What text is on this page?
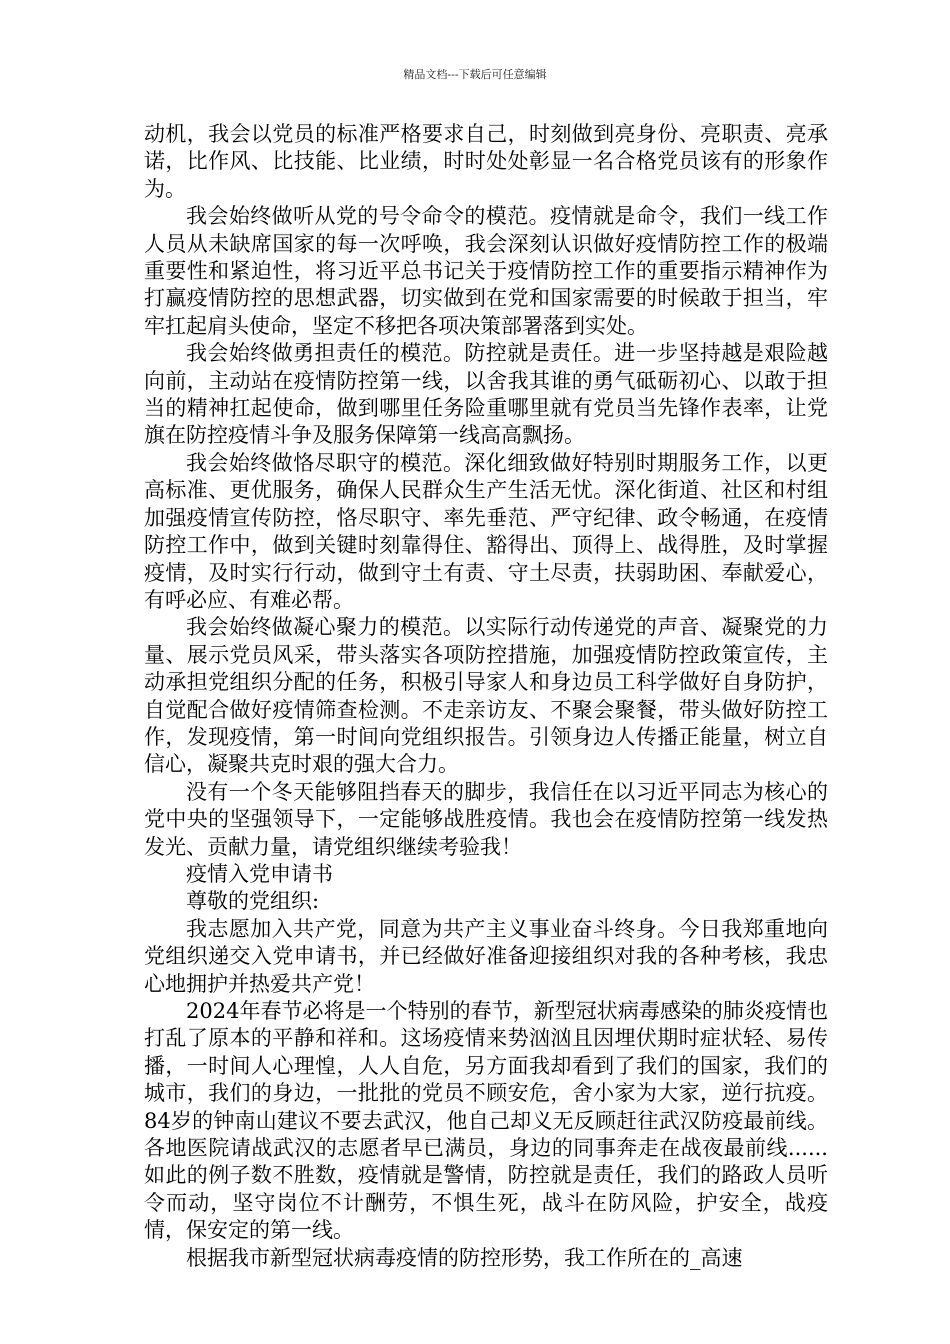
精品文档---下载后可任意编辑

动机，我会以党员的标准严格要求自己，时刻做到亮身份、亮职责、亮承诺，比作风、比技能、比业绩，时时处处彰显一名合格党员该有的形象作为。

我会始终做听从党的号令命令的模范。疫情就是命令，我们一线工作人员从未缺席国家的每一次呼唤，我会深刻认识做好疫情防控工作的极端重要性和紧迫性，将习近平总书记关于疫情防控工作的重要指示精神作为打赢疫情防控的思想武器，切实做到在党和国家需要的时候敢于担当，牢牢扛起肩头使命，坚定不移把各项决策部署落到实处。

我会始终做勇担责任的模范。防控就是责任。进一步坚持越是艰险越向前，主动站在疫情防控第一线，以舍我其谁的勇气砥砺初心、以敢于担当的精神扛起使命，做到哪里任务险重哪里就有党员当先锋作表率，让党旗在防控疫情斗争及服务保障第一线高高飘扬。

我会始终做恪尽职守的模范。深化细致做好特别时期服务工作，以更高标准、更优服务，确保人民群众生产生活无忧。深化街道、社区和村组加强疫情宣传防控，恪尽职守、率先垂范、严守纪律、政令畅通，在疫情防控工作中，做到关键时刻靠得住、豁得出、顶得上、战得胜，及时掌握疫情，及时实行行动，做到守土有责、守土尽责，扶弱助困、奉献爱心，有呼必应、有难必帮。

我会始终做凝心聚力的模范。以实际行动传递党的声音、凝聚党的力量、展示党员风采，带头落实各项防控措施，加强疫情防控政策宣传，主动承担党组织分配的任务，积极引导家人和身边员工科学做好自身防护，自觉配合做好疫情筛查检测。不走亲访友、不聚会聚餐，带头做好防控工作，发现疫情，第一时间向党组织报告。引领身边人传播正能量，树立自信心，凝聚共克时艰的强大合力。

没有一个冬天能够阻挡春天的脚步，我信任在以习近平同志为核心的党中央的坚强领导下，一定能够战胜疫情。我也会在疫情防控第一线发热发光、贡献力量，请党组织继续考验我！

疫情入党申请书

尊敬的党组织:

我志愿加入共产党，同意为共产主义事业奋斗终身。今日我郑重地向党组织递交入党申请书，并已经做好准备迎接组织对我的各种考核，我忠心地拥护并热爱共产党！

2024年春节必将是一个特别的春节，新型冠状病毒感染的肺炎疫情也打乱了原本的平静和祥和。这场疫情来势汹汹且因埋伏期时症状轻、易传播，一时间人心理惶，人人自危，另方面我却看到了我们的国家，我们的城市，我们的身边，一批批的党员不顾安危，舍小家为大家，逆行抗疫。84岁的钟南山建议不要去武汉，他自己却义无反顾赶往武汉防疫最前线。各地医院请战武汉的志愿者早已满员，身边的同事奔走在战夜最前线......如此的例子数不胜数，疫情就是警情，防控就是责任，我们的路政人员听令而动，坚守岗位不计酬劳，不惧生死，战斗在防风险，护安全，战疫情，保安定的第一线。

根据我市新型冠状病毒疫情的防控形势，我工作所在的_高速
